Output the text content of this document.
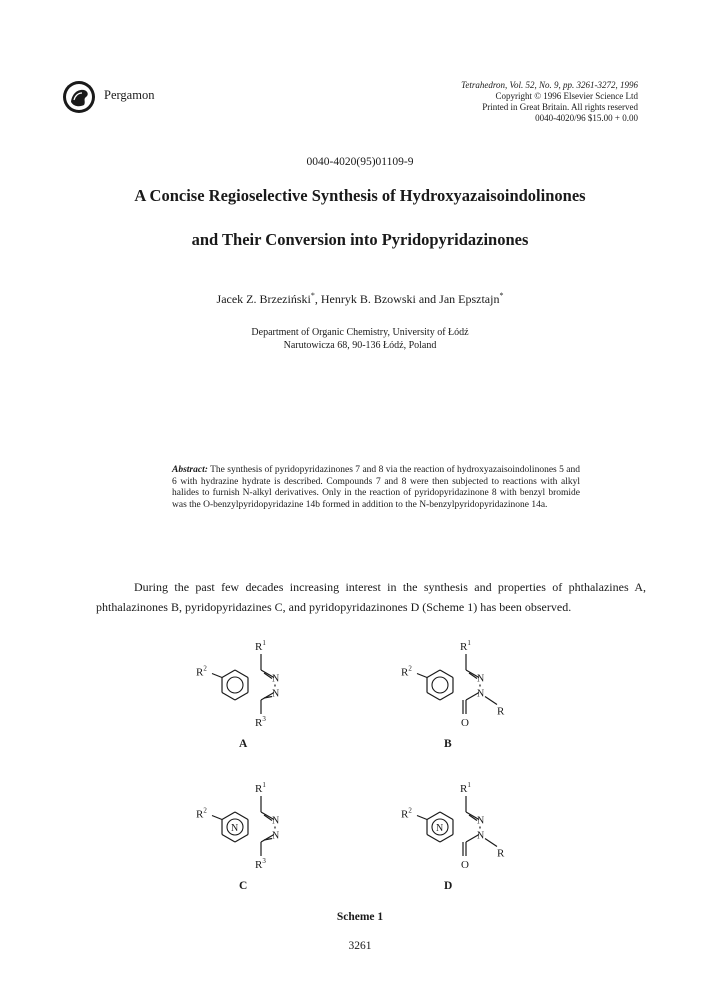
Pergamon
Tetrahedron, Vol. 52, No. 9, pp. 3261-3272, 1996
Copyright © 1996 Elsevier Science Ltd
Printed in Great Britain. All rights reserved
0040-4020/96 $15.00 + 0.00
0040-4020(95)01109-9
A Concise Regioselective Synthesis of Hydroxyazaisoindolinones
and Their Conversion into Pyridopyridazinones
Jacek Z. Brzeziński*, Henryk B. Bzowski and Jan Epsztajn*
Department of Organic Chemistry, University of Łódź
Narutowicza 68, 90-136 Łódź, Poland
Abstract: The synthesis of pyridopyridazinones 7 and 8 via the reaction of hydroxyazaisoindolinones 5 and 6 with hydrazine hydrate is described. Compounds 7 and 8 were then subjected to reactions with alkyl halides to furnish N-alkyl derivatives. Only in the reaction of pyridopyridazinone 8 with benzyl bromide was the O-benzylpyridopyridazine 14b formed in addition to the N-benzylpyridopyridazinone 14a.
During the past few decades increasing interest in the synthesis and properties of phthalazines A, phthalazinones B, pyridopyridazines C, and pyridopyridazinones D (Scheme 1) has been observed.
N
N
$R^1$
$R^2$
$R^3$
N
N
$R^1$
$R^2$
O
R
N
N
N
$R^1$
$R^2$
$R^3$
N
N
N
$R^1$
$R^2$
O
R
A	B
C	D
Scheme 1
3261
